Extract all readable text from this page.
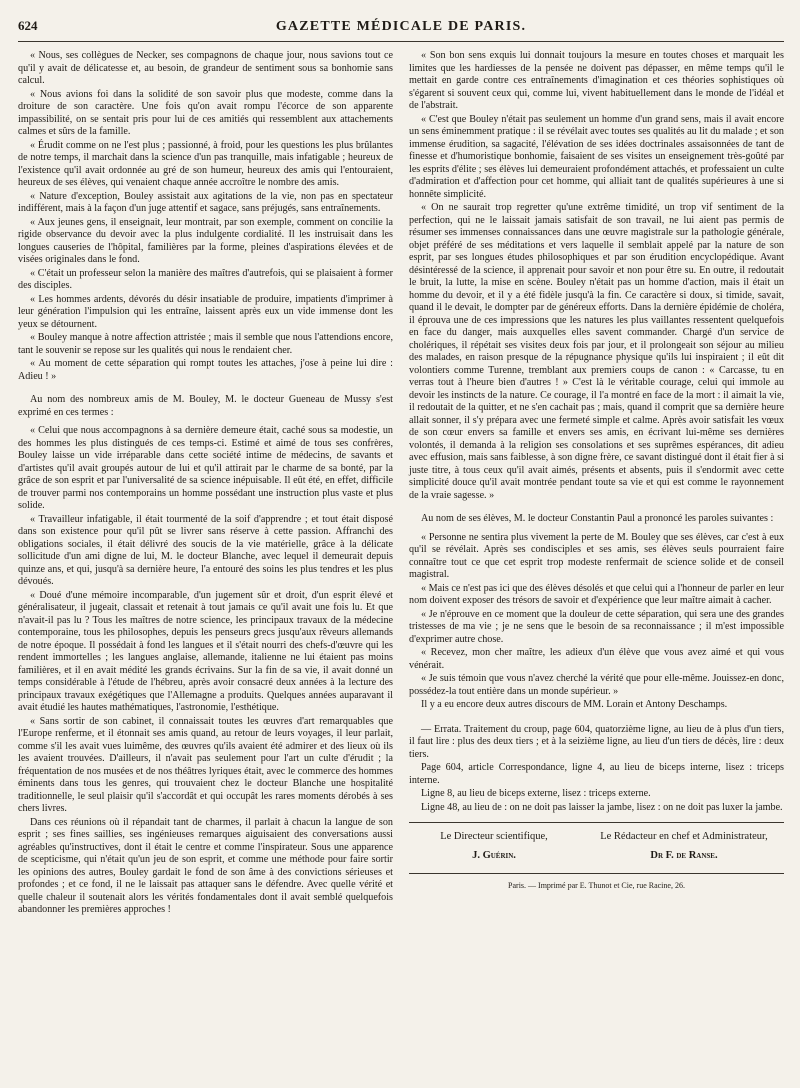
624	GAZETTE MÉDICALE DE PARIS.

« Nous, ses collègues de Necker, ses compagnons de chaque jour, nous savions tout ce qu'il y avait de délicatesse et, au besoin, de grandeur de sentiment sous sa bonhomie sans calcul.

« Nous avions foi dans la solidité de son savoir plus que modeste, comme dans la droiture de son caractère. Une fois qu'on avait rompu l'écorce de son apparente impassibilité, on se sentait pris pour lui de ces amitiés qui ressemblent aux attachements calmes et sûrs de la famille.

« Érudit comme on ne l'est plus ; passionné, à froid, pour les questions les plus brûlantes de notre temps, il marchait dans la science d'un pas tranquille, mais infatigable ; heureux de l'existence qu'il avait ordonnée au gré de son humeur, heureux des amis qui l'entouraient, heureux de ses élèves, qui venaient chaque année accroître le nombre des amis.

« Nature d'exception, Bouley assistait aux agitations de la vie, non pas en spectateur indifférent, mais à la façon d'un juge attentif et sagace, sans préjugés, sans entraînements.

« Aux jeunes gens, il enseignait, leur montrait, par son exemple, comment on concilie la rigide observance du devoir avec la plus indulgente cordialité. Il les instruisait dans les longues causeries de l'hôpital, familières par la forme, pleines d'aspirations élevées et de visées originales dans le fond.

« C'était un professeur selon la manière des maîtres d'autrefois, qui se plaisaient à former des disciples.

« Les hommes ardents, dévorés du désir insatiable de produire, impatients d'imprimer à leur génération l'impulsion qui les entraîne, laissent après eux un vide immense dont les yeux se détournent.

« Bouley manque à notre affection attristée ; mais il semble que nous l'attendions encore, tant le souvenir se repose sur les qualités qui nous le rendaient cher.

« Au moment de cette séparation qui rompt toutes les attaches, j'ose à peine lui dire : Adieu ! »

Au nom des nombreux amis de M. Bouley, M. le docteur Gueneau de Mussy s'est exprimé en ces termes :

« Celui que nous accompagnons à sa dernière demeure était, caché sous sa modestie, un des hommes les plus distingués de ces temps-ci. Estimé et aimé de tous ses confrères, Bouley laisse un vide irréparable dans cette société intime de médecins, de savants et d'artistes qu'il avait groupés autour de lui et qu'il attirait par le charme de sa bonté, par la grâce de son esprit et par l'universalité de sa science inépuisable. Il eût été, en effet, difficile de trouver parmi nos contemporains un homme possédant une instruction plus vaste et plus solide.

« Travailleur infatigable, il était tourmenté de la soif d'apprendre ; et tout était disposé dans son existence pour qu'il pût se livrer sans réserve à cette passion. Affranchi des obligations sociales, il était délivré des soucis de la vie matérielle, grâce à la délicate sollicitude d'un ami digne de lui, M. le docteur Blanche, avec lequel il demeurait depuis quinze ans, et qui, jusqu'à sa dernière heure, l'a entouré des soins les plus tendres et les plus dévoués.

« Doué d'une mémoire incomparable, d'un jugement sûr et droit, d'un esprit élevé et généralisateur, il jugeait, classait et retenait à tout jamais ce qu'il avait une fois lu. Et que n'avait-il pas lu ? Tous les maîtres de notre science, les principaux travaux de la médecine contemporaine, tous les philosophes, depuis les penseurs grecs jusqu'aux rêveurs allemands de notre époque. Il possédait à fond les langues et il s'était nourri des chefs-d'œuvre qui les rendent immortelles ; les langues anglaise, allemande, italienne ne lui étaient pas moins familières, et il en avait médité les grands écrivains. Sur la fin de sa vie, il avait donné un temps considérable à l'étude de l'hébreu, après avoir consacré deux années à la lecture des principaux travaux exégétiques que l'Allemagne a produits. Quelques années auparavant il avait étudié les hautes mathématiques, l'astronomie, l'esthétique.

« Sans sortir de son cabinet, il connaissait toutes les œuvres d'art remarquables que l'Europe renferme, et il étonnait ses amis quand, au retour de leurs voyages, il leur parlait, comme s'il les avait vues luimême, des œuvres qu'ils avaient été admirer et des lieux où ils les avaient trouvées. D'ailleurs, il n'avait pas seulement pour l'art un culte d'érudit ; la fréquentation de nos musées et de nos théâtres lyriques était, avec le commerce des hommes éminents dans tous les genres, qui trouvaient chez le docteur Blanche une hospitalité traditionnelle, le seul plaisir qu'il s'accordât et qui occupât les rares moments dérobés à ses chers livres.

Dans ces réunions où il répandait tant de charmes, il parlait à chacun la langue de son esprit ; ses fines saillies, ses ingénieuses remarques aiguisaient des conversations aussi agréables qu'instructives, dont il était le centre et comme l'inspirateur. Sous une apparence de scepticisme, qui n'était qu'un jeu de son esprit, et comme une méthode pour faire sortir les opinions des autres, Bouley gardait le fond de son âme à des convictions sérieuses et profondes ; et ce fond, il ne le laissait pas attaquer sans le défendre. Avec quelle vérité et quelle chaleur il soutenait alors les vérités fondamentales dont il avait semblé quelquefois abandonner les premières approches !

« Son bon sens exquis lui donnait toujours la mesure en toutes choses et marquait les limites que les hardiesses de la pensée ne doivent pas dépasser, en même temps qu'il le mettait en garde contre ces entraînements d'imagination et ces théories sophistiques où s'égarent si souvent ceux qui, comme lui, vivent habituellement dans le monde de l'idéal et de l'abstrait.

« C'est que Bouley n'était pas seulement un homme d'un grand sens, mais il avait encore un sens éminemment pratique : il se révélait avec toutes ses qualités au lit du malade ; et son immense érudition, sa sagacité, l'élévation de ses idées doctrinales assaisonnées de tant de finesse et d'humoristique bonhomie, faisaient de ses visites un enseignement très-goûté par les esprits d'élite ; ses élèves lui demeuraient profondément attachés, et professaient un culte d'admiration et d'affection pour cet homme, qui alliait tant de qualités supérieures à une si honnête simplicité.

« On ne saurait trop regretter qu'une extrême timidité, un trop vif sentiment de la perfection, qui ne le laissait jamais satisfait de son travail, ne lui aient pas permis de résumer ses immenses connaissances dans une œuvre magistrale sur la pathologie générale, objet préféré de ses méditations et vers laquelle il semblait appelé par la nature de son esprit, par ses longues études philosophiques et par son érudition encyclopédique. Avant désintéressé de la science, il apprenait pour savoir et non pour être su. En outre, il redoutait le bruit, la lutte, la mise en scène. Bouley n'était pas un homme d'action, mais il était un homme du devoir, et il y a été fidèle jusqu'à la fin. Ce caractère si doux, si timide, savait, quand il le devait, le dompter par de généreux efforts. Dans la dernière épidémie de choléra, il éprouva une de ces impressions que les natures les plus vaillantes ressentent quelquefois en face du danger, mais auxquelles elles savent commander. Chargé d'un service de cholériques, il répétait ses visites deux fois par jour, et il prolongeait son séjour au milieu des malades, en raison presque de la répugnance physique qu'ils lui inspiraient ; il eût dit volontiers comme Turenne, tremblant aux premiers coups de canon : « Carcasse, tu en verras tout à l'heure bien d'autres ! » C'est là le véritable courage, celui qui immole au devoir les instincts de la nature. Ce courage, il l'a montré en face de la mort : il aimait la vie, il redoutait de la quitter, et ne s'en cachait pas ; mais, quand il comprit que sa dernière heure allait sonner, il s'y prépara avec une fermeté simple et calme. Après avoir satisfait les vœux de son cœur envers sa famille et envers ses amis, en écrivant lui-même ses dernières volontés, il demanda à la religion ses consolations et ses suprêmes espérances, dit adieu avec effusion, mais sans faiblesse, à son digne frère, ce savant distingué dont il était fier à si juste titre, à tous ceux qu'il avait aimés, présents et absents, puis il s'endormit avec cette simplicité douce qu'il avait montrée pendant toute sa vie et qui est comme le rayonnement de la vraie sagesse. »

Au nom de ses élèves, M. le docteur Constantin Paul a prononcé les paroles suivantes :

« Personne ne sentira plus vivement la perte de M. Bouley que ses élèves, car c'est à eux qu'il se révélait. Après ses condisciples et ses amis, ses élèves seuls pourraient faire connaître tout ce que cet esprit trop modeste renfermait de science solide et de conseil magistral.

« Mais ce n'est pas ici que des élèves désolés et que celui qui a l'honneur de parler en leur nom doivent exposer des trésors de savoir et d'expérience que leur maître aimait à cacher.

« Je n'éprouve en ce moment que la douleur de cette séparation, qui sera une des grandes tristesses de ma vie ; je ne sens que le besoin de sa reconnaissance ; il m'est impossible d'exprimer autre chose.

« Recevez, mon cher maître, les adieux d'un élève que vous avez aimé et qui vous vénérait.

« Je suis témoin que vous n'avez cherché la vérité que pour elle-même. Jouissez-en donc, possédez-la tout entière dans un monde supérieur. »

Il y a eu encore deux autres discours de MM. Lorain et Antony Deschamps.

— Errata. Traitement du croup, page 604, quatorzième ligne, au lieu de à plus d'un tiers, il faut lire : plus des deux tiers ; et à la seizième ligne, au lieu d'un tiers de décès, lire : deux tiers.

Page 604, article Correspondance, ligne 4, au lieu de biceps interne, lisez : triceps interne.

Ligne 8, au lieu de biceps externe, lisez : triceps externe.

Ligne 48, au lieu de : on ne doit pas laisser la jambe, lisez : on ne doit pas luxer la jambe.

Le Directeur scientifique,
J. Guérin.
Le Rédacteur en chef et Administrateur,
Dr F. de Ranse.
Paris. — Imprimé par E. Thunot et Cie, rue Racine, 26.
